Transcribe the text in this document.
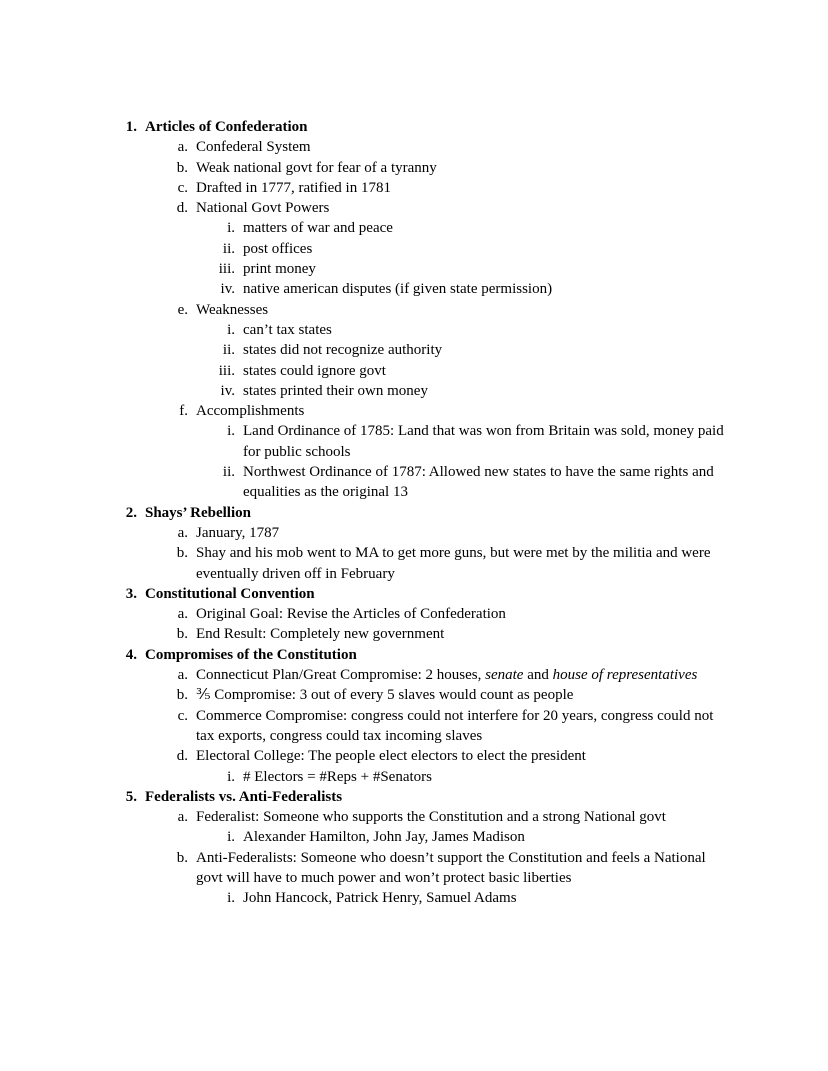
1. Articles of Confederation
a. Confederal System
b. Weak national govt for fear of a tyranny
c. Drafted in 1777, ratified in 1781
d. National Govt Powers
i. matters of war and peace
ii. post offices
iii. print money
iv. native american disputes (if given state permission)
e. Weaknesses
i. can’t tax states
ii. states did not recognize authority
iii. states could ignore govt
iv. states printed their own money
f. Accomplishments
i. Land Ordinance of 1785: Land that was won from Britain was sold, money paid for public schools
ii. Northwest Ordinance of 1787: Allowed new states to have the same rights and equalities as the original 13
2. Shays’ Rebellion
a. January, 1787
b. Shay and his mob went to MA to get more guns, but were met by the militia and were eventually driven off in February
3. Constitutional Convention
a. Original Goal: Revise the Articles of Confederation
b. End Result: Completely new government
4. Compromises of the Constitution
a. Connecticut Plan/Great Compromise: 2 houses, senate and house of representatives
b. ⅗ Compromise: 3 out of every 5 slaves would count as people
c. Commerce Compromise: congress could not interfere for 20 years, congress could not tax exports, congress could tax incoming slaves
d. Electoral College: The people elect electors to elect the president
i. # Electors = #Reps + #Senators
5. Federalists vs. Anti-Federalists
a. Federalist: Someone who supports the Constitution and a strong National govt
i. Alexander Hamilton, John Jay, James Madison
b. Anti-Federalists: Someone who doesn’t support the Constitution and feels a National govt will have to much power and won’t protect basic liberties
i. John Hancock, Patrick Henry, Samuel Adams
